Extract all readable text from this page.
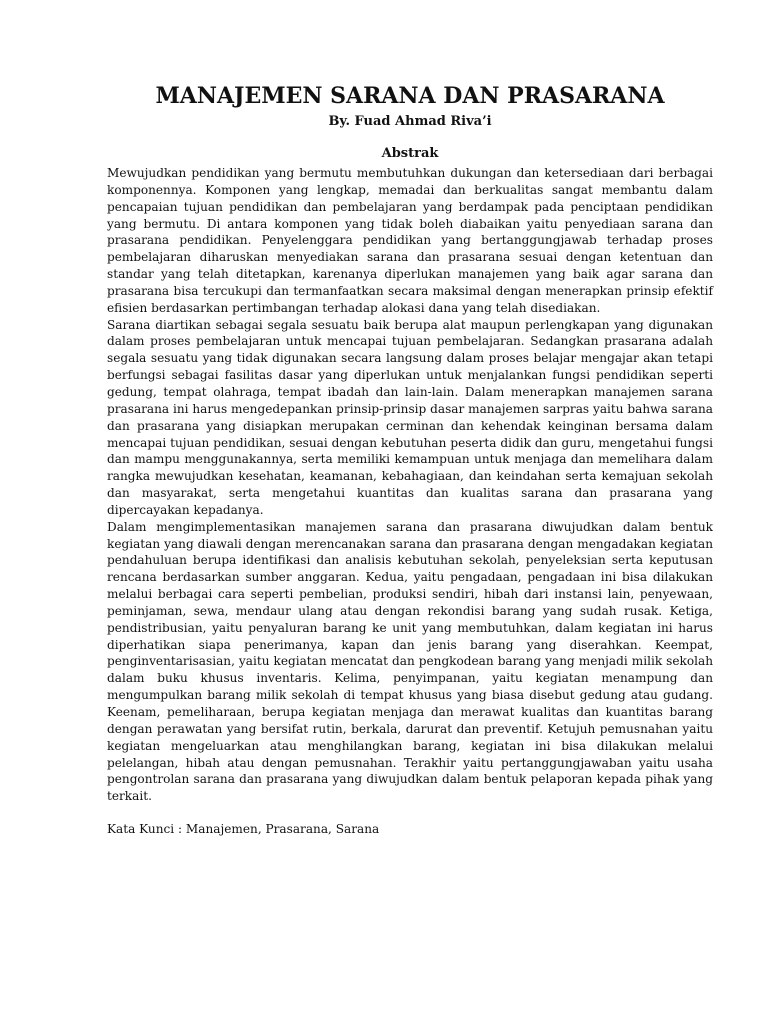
MANAJEMEN SARANA DAN PRASARANA
By. Fuad Ahmad Riva’i
Abstrak

Mewujudkan pendidikan yang bermutu membutuhkan dukungan dan ketersediaan dari berbagai komponennya. Komponen yang lengkap, memadai dan berkualitas sangat membantu dalam pencapaian tujuan pendidikan dan pembelajaran yang berdampak pada penciptaan pendidikan yang bermutu. Di antara komponen yang tidak boleh diabaikan yaitu penyediaan sarana dan prasarana pendidikan. Penyelenggara pendidikan yang bertanggungjawab terhadap proses pembelajaran diharuskan menyediakan sarana dan prasarana sesuai dengan ketentuan dan standar yang telah ditetapkan, karenanya diperlukan manajemen yang baik agar sarana dan prasarana bisa tercukupi dan termanfaatkan secara maksimal dengan menerapkan prinsip efektif efisien berdasarkan pertimbangan terhadap alokasi dana yang telah disediakan.

Sarana diartikan sebagai segala sesuatu baik berupa alat maupun perlengkapan yang digunakan dalam proses pembelajaran untuk mencapai tujuan pembelajaran. Sedangkan prasarana adalah segala sesuatu yang tidak digunakan secara langsung dalam proses belajar mengajar akan tetapi berfungsi sebagai fasilitas dasar yang diperlukan untuk menjalankan fungsi pendidikan seperti gedung, tempat olahraga, tempat ibadah dan lain-lain. Dalam menerapkan manajemen sarana prasarana ini harus mengedepankan prinsip-prinsip dasar manajemen sarpras yaitu bahwa sarana dan prasarana yang disiapkan merupakan cerminan dan kehendak keinginan bersama dalam mencapai tujuan pendidikan, sesuai dengan kebutuhan peserta didik dan guru, mengetahui fungsi dan mampu menggunakannya, serta memiliki kemampuan untuk menjaga dan memelihara dalam rangka mewujudkan kesehatan, keamanan, kebahagiaan, dan keindahan serta kemajuan sekolah dan masyarakat, serta mengetahui kuantitas dan kualitas sarana dan prasarana yang dipercayakan kepadanya.

Dalam mengimplementasikan manajemen sarana dan prasarana diwujudkan dalam bentuk kegiatan yang diawali dengan merencanakan sarana dan prasarana dengan mengadakan kegiatan pendahuluan berupa identifikasi dan analisis kebutuhan sekolah, penyeleksian serta keputusan rencana berdasarkan sumber anggaran. Kedua, yaitu pengadaan, pengadaan ini bisa dilakukan melalui berbagai cara seperti pembelian, produksi sendiri, hibah dari instansi lain, penyewaan, peminjaman, sewa, mendaur ulang atau dengan rekondisi barang yang sudah rusak. Ketiga, pendistribusian, yaitu penyaluran barang ke unit yang membutuhkan, dalam kegiatan ini harus diperhatikan siapa penerimanya, kapan dan jenis barang yang diserahkan. Keempat, penginventarisasian, yaitu kegiatan mencatat dan pengkodean barang yang menjadi milik sekolah dalam buku khusus inventaris. Kelima, penyimpanan, yaitu kegiatan menampung dan mengumpulkan barang milik sekolah di tempat khusus yang biasa disebut gedung atau gudang. Keenam, pemeliharaan, berupa kegiatan menjaga dan merawat kualitas dan kuantitas barang dengan perawatan yang bersifat rutin, berkala, darurat dan preventif. Ketujuh pemusnahan yaitu kegiatan mengeluarkan atau menghilangkan barang, kegiatan ini bisa dilakukan melalui pelelangan, hibah atau dengan pemusnahan. Terakhir yaitu pertanggungjawaban yaitu usaha pengontrolan sarana dan prasarana yang diwujudkan dalam bentuk pelaporan kepada pihak yang terkait.

Kata Kunci : Manajemen, Prasarana, Sarana
